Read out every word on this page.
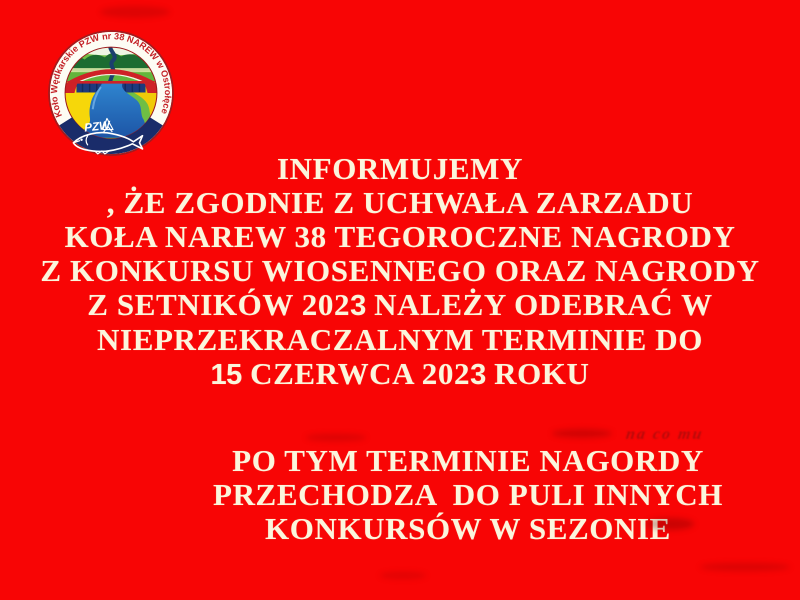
Koło Wędkarskie PZW nr 38 NAREW w Ostrołęce
PZW
INFORMUJEMY
, ŻE ZGODNIE Z UCHWAŁA ZARZADU
KOŁA NAREW 38 TEGOROCZNE NAGRODY
Z KONKURSU WIOSENNEGO ORAZ NAGRODY
Z SETNIKÓW 2023 NALEŻY ODEBRAĆ W
NIEPRZEKRACZALNYM TERMINIE DO
15 CZERWCA 2023 ROKU
PO TYM TERMINIE NAGORDY
PRZECHODZA  DO PULI INNYCH
KONKURSÓW W SEZONIE
na co mu
